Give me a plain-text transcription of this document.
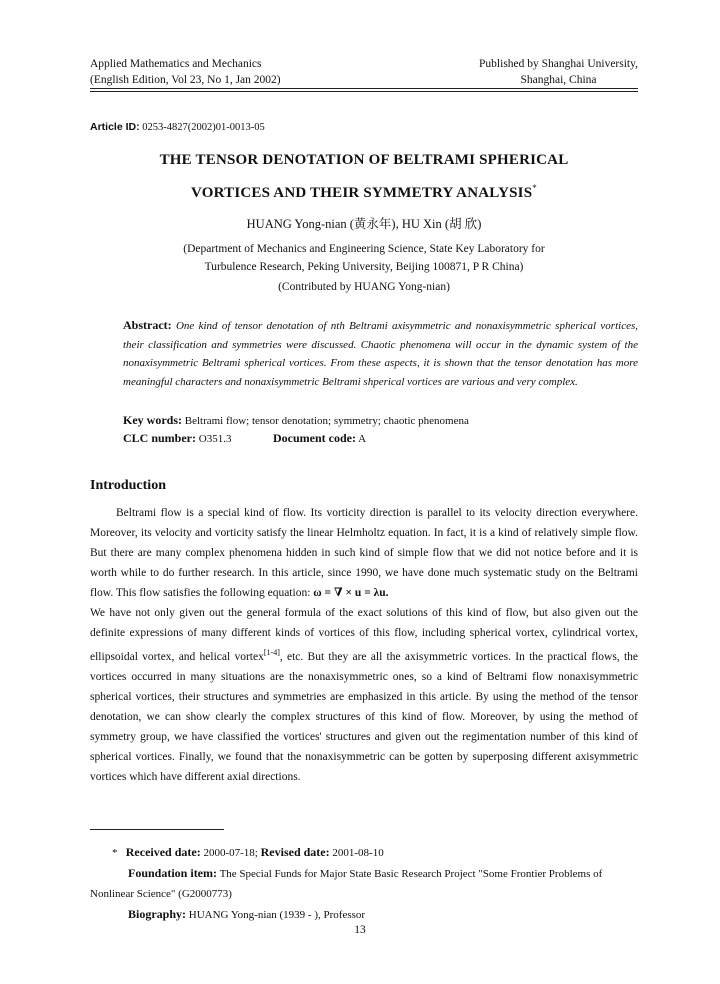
Applied Mathematics and Mechanics
(English Edition, Vol 23, No 1, Jan 2002)
Published by Shanghai University,
Shanghai, China
Article ID: 0253-4827(2002)01-0013-05
THE TENSOR DENOTATION OF BELTRAMI SPHERICAL
VORTICES AND THEIR SYMMETRY ANALYSIS*
HUANG Yong-nian (黄永年), HU Xin (胡 欣)
(Department of Mechanics and Engineering Science, State Key Laboratory for
Turbulence Research, Peking University, Beijing 100871, P R China)
(Contributed by HUANG Yong-nian)
Abstract: One kind of tensor denotation of nth Beltrami axisymmetric and nonaxisymmetric spherical vortices, their classification and symmetries were discussed. Chaotic phenomena will occur in the dynamic system of the nonaxisymmetric Beltrami spherical vortices. From these aspects, it is shown that the tensor denotation has more meaningful characters and nonaxisymmetric Beltrami shperical vortices are various and very complex.
Key words: Beltrami flow; tensor denotation; symmetry; chaotic phenomena
CLC number: O351.3	Document code: A
Introduction

Beltrami flow is a special kind of flow. Its vorticity direction is parallel to its velocity direction everywhere. Moreover, its velocity and vorticity satisfy the linear Helmholtz equation. In fact, it is a kind of relatively simple flow. But there are many complex phenomena hidden in such kind of simple flow that we did not notice before and it is worth while to do further research. In this article, since 1990, we have done much systematic study on the Beltrami flow. This flow satisfies the following equation: ω = ∇ × u = λu.

We have not only given out the general formula of the exact solutions of this kind of flow, but also given out the definite expressions of many different kinds of vortices of this flow, including spherical vortex, cylindrical vortex, ellipsoidal vortex, and helical vortex[1-4], etc. But they are all the axisymmetric vortices. In the practical flows, the vortices occurred in many situations are the nonaxisymmetric ones, so a kind of Beltrami flow nonaxisymmetric spherical vortices, their structures and symmetries are emphasized in this article. By using the method of the tensor denotation, we can show clearly the complex structures of this kind of flow. Moreover, by using the method of symmetry group, we have classified the vortices' structures and given out the regimentation number of this kind of spherical vortices. Finally, we found that the nonaxisymmetric can be gotten by superposing different axisymmetric vortices which have different axial directions.

* Received date: 2000-07-18; Revised date: 2001-08-10
Foundation item: The Special Funds for Major State Basic Research Project "Some Frontier Problems of Nonlinear Science" (G2000773)
Biography: HUANG Yong-nian (1939 - ), Professor
13
